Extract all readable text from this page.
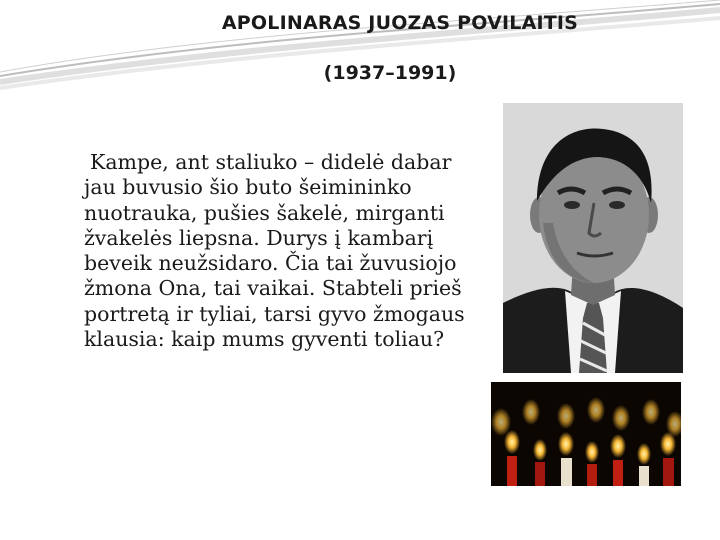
APOLINARAS JUOZAS POVILAITIS
(1937–1991)
Kampe, ant staliuko – didelė dabar jau buvusio šio buto šeimininko nuotrauka, pušies šakelė, mirganti žvakelės liepsna. Durys į kambarį beveik neužsidaro. Čia tai žuvusiojo žmona Ona, tai vaikai. Stabteli prieš portretą ir tyliai, tarsi gyvo žmogaus klausia: kaip mums gyventi toliau?
